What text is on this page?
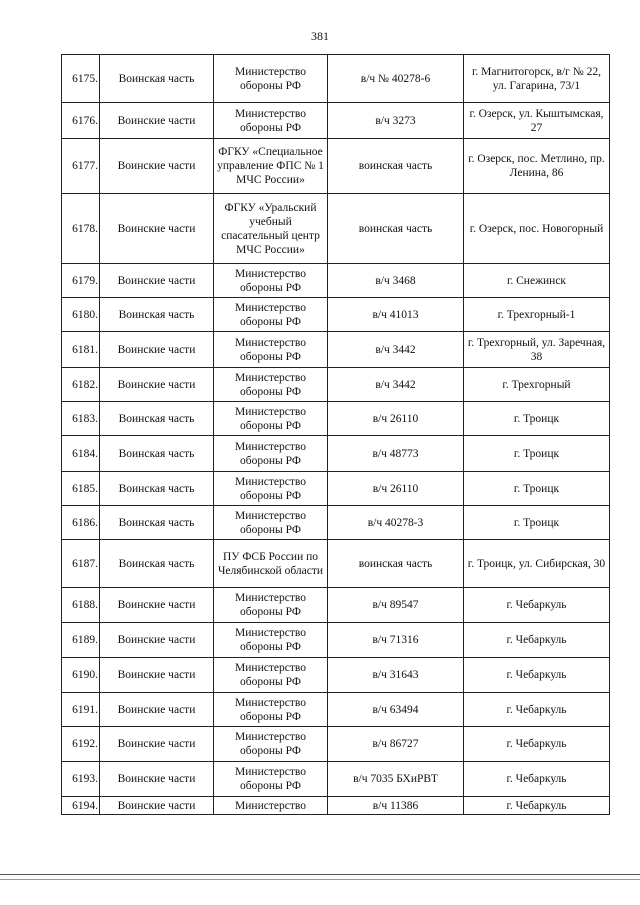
381
6175.	Воинская часть	Министерство обороны РФ	в/ч № 40278-6	г. Магнитогорск, в/г № 22, ул. Гагарина, 73/1
6176.	Воинские части	Министерство обороны РФ	в/ч 3273	г. Озерск, ул. Кыштымская, 27
6177.	Воинские части	ФГКУ «Специальное управление ФПС № 1 МЧС России»	воинская часть	г. Озерск, пос. Метлино, пр. Ленина, 86
6178.	Воинские части	ФГКУ «Уральский учебный спасательный центр МЧС России»	воинская часть	г. Озерск, пос. Новогорный
6179.	Воинские части	Министерство обороны РФ	в/ч 3468	г. Снежинск
6180.	Воинская часть	Министерство обороны РФ	в/ч 41013	г. Трехгорный-1
6181.	Воинские части	Министерство обороны РФ	в/ч 3442	г. Трехгорный, ул. Заречная, 38
6182.	Воинские части	Министерство обороны РФ	в/ч 3442	г. Трехгорный
6183.	Воинская часть	Министерство обороны РФ	в/ч 26110	г. Троицк
6184.	Воинская часть	Министерство обороны РФ	в/ч 48773	г. Троицк
6185.	Воинская часть	Министерство обороны РФ	в/ч 26110	г. Троицк
6186.	Воинская часть	Министерство обороны РФ	в/ч 40278-3	г. Троицк
6187.	Воинская часть	ПУ ФСБ России по Челябинской области	воинская часть	г. Троицк, ул. Сибирская, 30
6188.	Воинские части	Министерство обороны РФ	в/ч 89547	г. Чебаркуль
6189.	Воинские части	Министерство обороны РФ	в/ч 71316	г. Чебаркуль
6190.	Воинские части	Министерство обороны РФ	в/ч 31643	г. Чебаркуль
6191.	Воинские части	Министерство обороны РФ	в/ч 63494	г. Чебаркуль
6192.	Воинские части	Министерство обороны РФ	в/ч 86727	г. Чебаркуль
6193.	Воинские части	Министерство обороны РФ	в/ч 7035 БХиРВТ	г. Чебаркуль
6194.	Воинские части	Министерство	в/ч 11386	г. Чебаркуль
